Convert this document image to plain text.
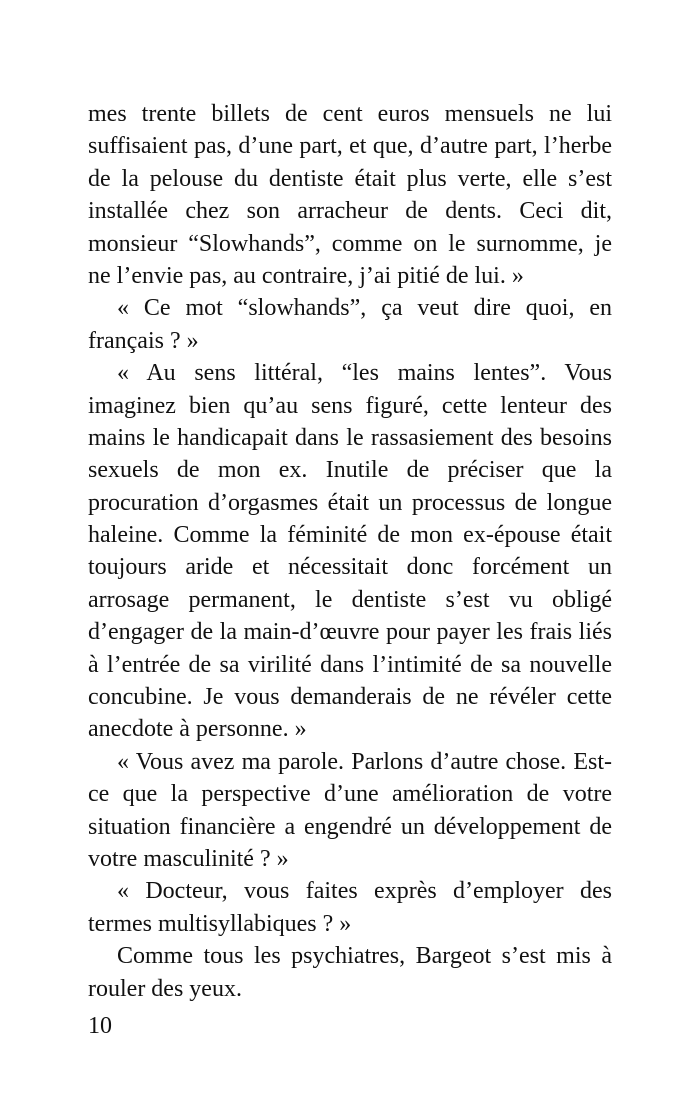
mes trente billets de cent euros mensuels ne lui
suffisaient pas, d’une part, et que, d’autre part, l’herbe
de la pelouse du dentiste était plus verte, elle s’est
installée chez son arracheur de dents. Ceci dit,
monsieur “Slowhands”, comme on le surnomme, je
ne l’envie pas, au contraire, j’ai pitié de lui. »
« Ce mot “slowhands”, ça veut dire quoi, en
français ? »
« Au sens littéral, “les mains lentes”. Vous
imaginez bien qu’au sens figuré, cette lenteur des
mains le handicapait dans le rassasiement des besoins
sexuels de mon ex. Inutile de préciser que la
procuration d’orgasmes était un processus de longue
haleine. Comme la féminité de mon ex-épouse était
toujours aride et nécessitait donc forcément un
arrosage permanent, le dentiste s’est vu obligé
d’engager de la main-d’œuvre pour payer les frais liés
à l’entrée de sa virilité dans l’intimité de sa nouvelle
concubine. Je vous demanderais de ne révéler cette
anecdote à personne. »
« Vous avez ma parole. Parlons d’autre chose. Est-
ce que la perspective d’une amélioration de votre
situation financière a engendré un développement de
votre masculinité ? »
« Docteur, vous faites exprès d’employer des
termes multisyllabiques ? »
Comme tous les psychiatres, Bargeot s’est mis à
rouler des yeux.
10
